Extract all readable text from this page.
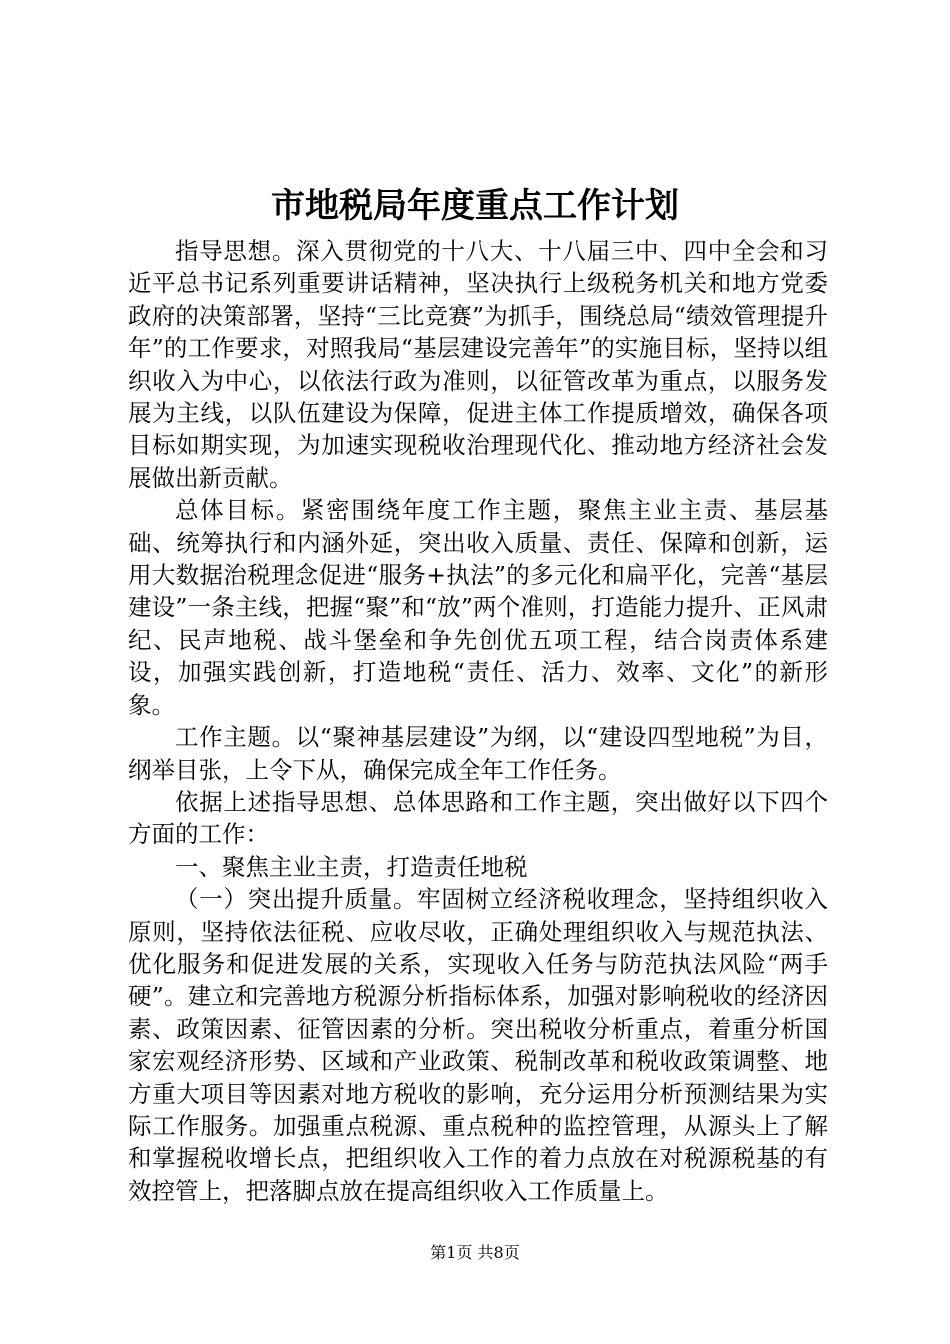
市地税局年度重点工作计划

指导思想。深入贯彻党的十八大、十八届三中、四中全会和习近平总书记系列重要讲话精神，坚决执行上级税务机关和地方党委政府的决策部署，坚持“三比竞赛”为抓手，围绕总局“绩效管理提升年”的工作要求，对照我局“基层建设完善年”的实施目标，坚持以组织收入为中心，以依法行政为准则，以征管改革为重点，以服务发展为主线，以队伍建设为保障，促进主体工作提质增效，确保各项目标如期实现，为加速实现税收治理现代化、推动地方经济社会发展做出新贡献。

总体目标。紧密围绕年度工作主题，聚焦主业主责、基层基础、统筹执行和内涵外延，突出收入质量、责任、保障和创新，运用大数据治税理念促进“服务+执法”的多元化和扁平化，完善“基层建设”一条主线，把握“聚”和“放”两个准则，打造能力提升、正风肃纪、民声地税、战斗堡垒和争先创优五项工程，结合岗责体系建设，加强实践创新，打造地税“责任、活力、效率、文化”的新形象。

工作主题。以“聚神基层建设”为纲，以“建设四型地税”为目，纲举目张，上令下从，确保完成全年工作任务。

依据上述指导思想、总体思路和工作主题，突出做好以下四个方面的工作：

一、聚焦主业主责，打造责任地税

（一）突出提升质量。牢固树立经济税收理念，坚持组织收入原则，坚持依法征税、应收尽收，正确处理组织收入与规范执法、优化服务和促进发展的关系，实现收入任务与防范执法风险“两手硬”。建立和完善地方税源分析指标体系，加强对影响税收的经济因素、政策因素、征管因素的分析。突出税收分析重点，着重分析国家宏观经济形势、区域和产业政策、税制改革和税收政策调整、地方重大项目等因素对地方税收的影响，充分运用分析预测结果为实际工作服务。加强重点税源、重点税种的监控管理，从源头上了解和掌握税收增长点，把组织收入工作的着力点放在对税源税基的有效控管上，把落脚点放在提高组织收入工作质量上。

第1页 共8页
